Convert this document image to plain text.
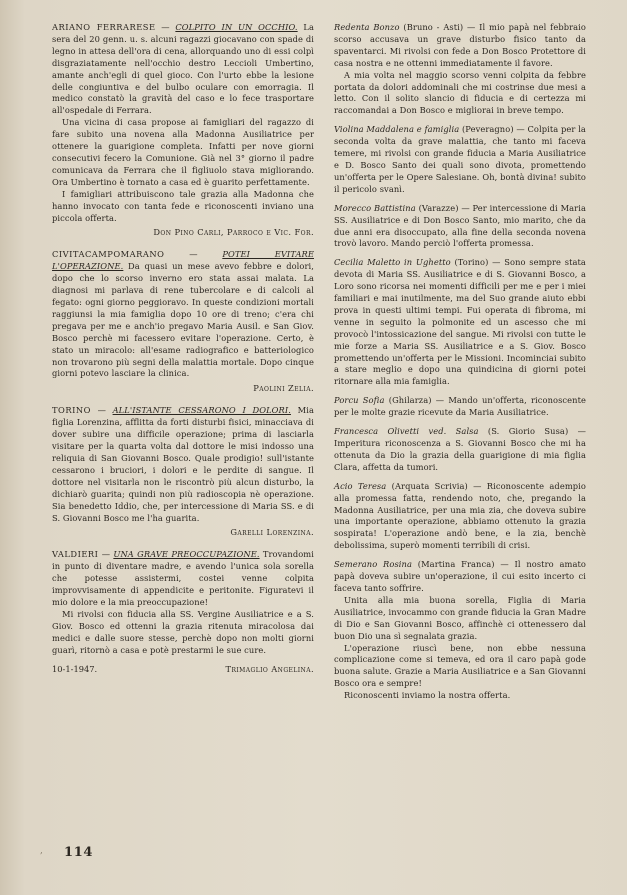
ARIANO FERRARESE — COLPITO IN UN OCCHIO. La sera del 20 genn. u. s. alcuni ragazzi giocavano con spade di legno in attesa dell'ora di cena, allorquando uno di essi colpì disgraziatamente nell'occhio destro Leccioli Umbertino, amante anch'egli di quel gioco. Con l'urto ebbe la lesione delle congiuntiva e del bulbo oculare con emorragia. Il medico constatò la gravità del caso e lo fece trasportare all'ospedale di Ferrara.

Una vicina di casa propose ai famigliari del ragazzo di fare subito una novena alla Madonna Ausiliatrice per ottenere la guarigione completa. Infatti per nove giorni consecutivi fecero la Comunione. Già nel 3° giorno il padre comunicava da Ferrara che il figliuolo stava migliorando. Ora Umbertino è tornato a casa ed è guarito perfettamente.

I famigliari attribuiscono tale grazia alla Madonna che hanno invocato con tanta fede e riconoscenti inviano una piccola offerta.

Don Pino Carli, Parroco e Vic. For.

CIVITACAMPOMARANO — POTEI EVITARE L'OPERAZIONE. Da quasi un mese avevo febbre e dolori, dopo che lo scorso inverno ero stata assai malata. La diagnosi mi parlava di rene tubercolare e di calcoli al fegato: ogni giorno peggioravo. In queste condizioni mortali raggiunsi la mia famiglia dopo 10 ore di treno; c'era chi pregava per me e anch'io pregavo Maria Ausil. e San Giov. Bosco perchè mi facessero evitare l'operazione. Certo, è stato un miracolo: all'esame radiografico e batteriologico non trovarono più segni della malattia mortale. Dopo cinque giorni potevo lasciare la clinica.

Paolini Zelia.

TORINO — ALL'ISTANTE CESSARONO I DOLORI. Mia figlia Lorenzina, afflitta da forti disturbi fisici, minacciava di dover subire una difficile operazione; prima di lasciarla visitare per la quarta volta dal dottore le misi indosso una reliquia di San Giovanni Bosco. Quale prodigio! sull'istante cessarono i bruciori, i dolori e le perdite di sangue. Il dottore nel visitarla non le riscontrò più alcun disturbo, la dichiarò guarita; quindi non più radioscopia nè operazione. Sia benedetto Iddio, che, per intercessione di Maria SS. e di S. Giovanni Bosco me l'ha guarita.

Garelli Lorenzina.

VALDIERI — UNA GRAVE PREOCCUPAZIONE. Trovandomi in punto di diventare madre, e avendo l'unica sola sorella che potesse assistermi, costei venne colpita improvvisamente di appendicite e peritonite. Figuratevi il mio dolore e la mia preoccupazione!

Mi rivolsi con fiducia alla SS. Vergine Ausiliatrice e a S. Giov. Bosco ed ottenni la grazia ritenuta miracolosa dai medici e dalle suore stesse, perchè dopo non molti giorni guarì, ritornò a casa e potè prestarmi le sue cure.

10-1-1947.	Trimaglio Angelina.

Redenta Bonzo (Bruno - Asti) — Il mio papà nel febbraio scorso accusava un grave disturbo fisico tanto da spaventarci. Mi rivolsi con fede a Don Bosco Protettore di casa nostra e ne ottenni immediatamente il favore.

A mia volta nel maggio scorso venni colpita da febbre portata da dolori addominali che mi costrinse due mesi a letto. Con il solito slancio di fiducia e di certezza mi raccomandai a Don Bosco e migliorai in breve tempo.

Violina Maddalena e famiglia (Peveragno) — Colpita per la seconda volta da grave malattia, che tanto mi faceva temere, mi rivolsi con grande fiducia a Maria Ausiliatrice e D. Bosco Santo dei quali sono divota, promettendo un'offerta per le Opere Salesiane. Oh, bontà divina! subito il pericolo svanì.

Morecco Battistina (Varazze) — Per intercessione di Maria SS. Ausiliatrice e di Don Bosco Santo, mio marito, che da due anni era disoccupato, alla fine della seconda novena trovò lavoro. Mando perciò l'offerta promessa.

Cecilia Maletto in Ughetto (Torino) — Sono sempre stata devota di Maria SS. Ausiliatrice e di S. Giovanni Bosco, a Loro sono ricorsa nei momenti difficili per me e per i miei familiari e mai inutilmente, ma del Suo grande aiuto ebbi prova in questi ultimi tempi. Fui operata di fibroma, mi venne in seguito la polmonite ed un ascesso che mi provocò l'intossicazione del sangue. Mi rivolsi con tutte le mie forze a Maria SS. Ausiliatrice e a S. Giov. Bosco promettendo un'offerta per le Missioni. Incominciai subito a stare meglio e dopo una quindicina di giorni potei ritornare alla mia famiglia.

Porcu Sofia (Ghilarza) — Mando un'offerta, riconoscente per le molte grazie ricevute da Maria Ausiliatrice.

Francesca Olivetti ved. Salsa (S. Giorio Susa) — Imperitura riconoscenza a S. Giovanni Bosco che mi ha ottenuta da Dio la grazia della guarigione di mia figlia Clara, affetta da tumori.

Acio Teresa (Arquata Scrivia) — Riconoscente adempio alla promessa fatta, rendendo noto, che, pregando la Madonna Ausiliatrice, per una mia zia, che doveva subire una importante operazione, abbiamo ottenuto la grazia sospirata! L'operazione andò bene, e la zia, benchè debolissima, superò momenti terribili di crisi.

Semerano Rosina (Martina Franca) — Il nostro amato papà doveva subire un'operazione, il cui esito incerto ci faceva tanto soffrire.

Unita alla mia buona sorella, Figlia di Maria Ausiliatrice, invocammo con grande fiducia la Gran Madre di Dio e San Giovanni Bosco, affinchè ci ottenessero dal buon Dio una sì segnalata grazia.

L'operazione riuscì bene, non ebbe nessuna complicazione come si temeva, ed ora il caro papà gode buona salute. Grazie a Maria Ausiliatrice e a San Giovanni Bosco ora e sempre!

Riconoscenti inviamo la nostra offerta.

, 114
